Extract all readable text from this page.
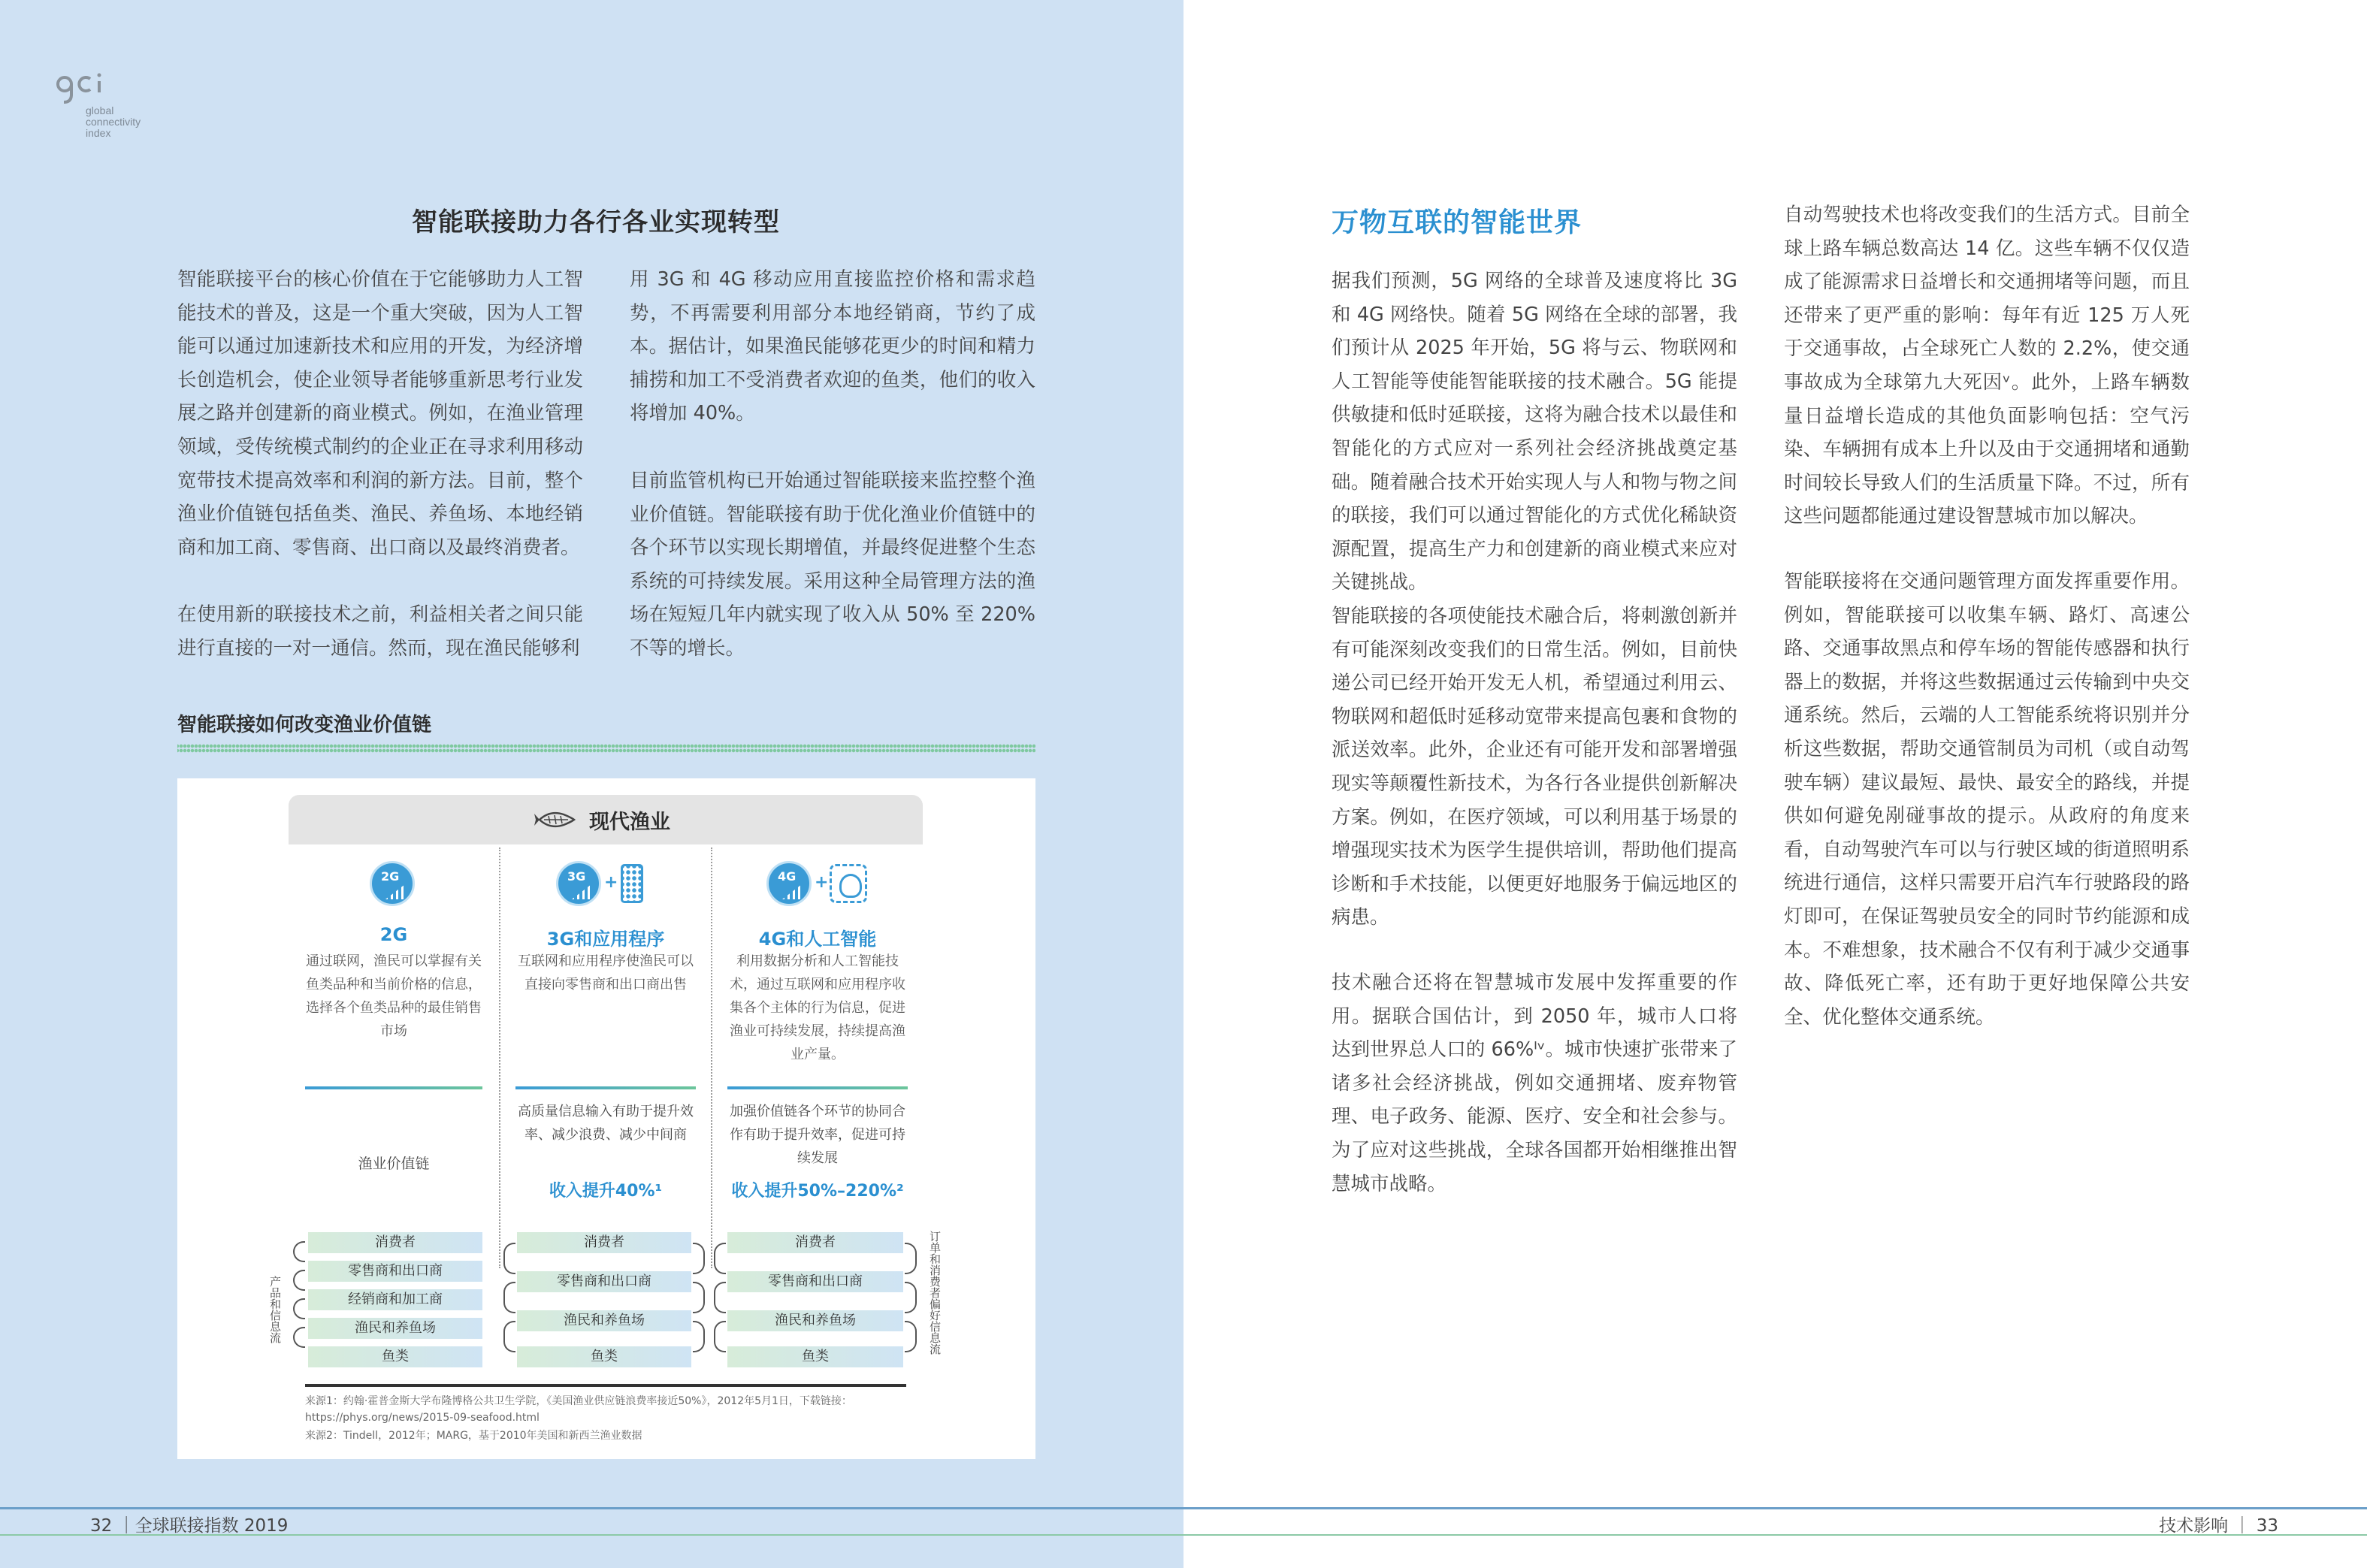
global
connectivity
index
智能联接助力各行各业实现转型

智能联接平台的核心价值在于它能够助力人工智能技术的普及，这是一个重大突破，因为人工智能可以通过加速新技术和应用的开发，为经济增长创造机会，使企业领导者能够重新思考行业发展之路并创建新的商业模式。例如，在渔业管理领域，受传统模式制约的企业正在寻求利用移动宽带技术提高效率和利润的新方法。目前，整个渔业价值链包括鱼类、渔民、养鱼场、本地经销商和加工商、零售商、出口商以及最终消费者。

在使用新的联接技术之前，利益相关者之间只能进行直接的一对一通信。然而，现在渔民能够利

用 3G 和 4G 移动应用直接监控价格和需求趋势，不再需要利用部分本地经销商，节约了成本。据估计，如果渔民能够花更少的时间和精力捕捞和加工不受消费者欢迎的鱼类，他们的收入将增加 40%。

目前监管机构已开始通过智能联接来监控整个渔业价值链。智能联接有助于优化渔业价值链中的各个环节以实现长期增值，并最终促进整个生态系统的可持续发展。采用这种全局管理方法的渔场在短短几年内就实现了收入从 50% 至 220% 不等的增长。

智能联接如何改变渔业价值链
现代渔业
2G
2G
通过联网，渔民可以掌握有关鱼类品种和当前价格的信息，选择各个鱼类品种的最佳销售市场
渔业价值链
3G +
3G和应用程序
互联网和应用程序使渔民可以直接向零售商和出口商出售
高质量信息输入有助于提升效率、减少浪费、减少中间商
收入提升40%¹
4G +
4G和人工智能
利用数据分析和人工智能技术，通过互联网和应用程序收集各个主体的行为信息，促进渔业可持续发展，持续提高渔业产量。
加强价值链各个环节的协同合作有助于提升效率，促进可持续发展
收入提升50%–220%²
产品和信息流
消费者
零售商和出口商
经销商和加工商
渔民和养鱼场
鱼类
消费者
零售商和出口商
渔民和养鱼场
鱼类
消费者
零售商和出口商
渔民和养鱼场
鱼类
订单和消费者偏好信息流
来源1：约翰·霍普金斯大学布隆博格公共卫生学院，《美国渔业供应链浪费率接近50%》，2012年5月1日，下载链接：
https://phys.org/news/2015-09-seafood.html
来源2：Tindell，2012年；MARG，基于2010年美国和新西兰渔业数据
万物互联的智能世界

据我们预测，5G 网络的全球普及速度将比 3G 和 4G 网络快。随着 5G 网络在全球的部署，我们预计从 2025 年开始，5G 将与云、物联网和人工智能等使能智能联接的技术融合。5G 能提供敏捷和低时延联接，这将为融合技术以最佳和智能化的方式应对一系列社会经济挑战奠定基础。随着融合技术开始实现人与人和物与物之间的联接，我们可以通过智能化的方式优化稀缺资源配置，提高生产力和创建新的商业模式来应对关键挑战。

智能联接的各项使能技术融合后，将刺激创新并有可能深刻改变我们的日常生活。例如，目前快递公司已经开始开发无人机，希望通过利用云、物联网和超低时延移动宽带来提高包裹和食物的派送效率。此外，企业还有可能开发和部署增强现实等颠覆性新技术，为各行各业提供创新解决方案。例如，在医疗领域，可以利用基于场景的增强现实技术为医学生提供培训，帮助他们提高诊断和手术技能，以便更好地服务于偏远地区的病患。

技术融合还将在智慧城市发展中发挥重要的作用。据联合国估计，到 2050 年，城市人口将达到世界总人口的 66%ᴵᵛ。城市快速扩张带来了诸多社会经济挑战，例如交通拥堵、废弃物管理、电子政务、能源、医疗、安全和社会参与。为了应对这些挑战，全球各国都开始相继推出智慧城市战略。

自动驾驶技术也将改变我们的生活方式。目前全球上路车辆总数高达 14 亿。这些车辆不仅仅造成了能源需求日益增长和交通拥堵等问题，而且还带来了更严重的影响：每年有近 125 万人死于交通事故，占全球死亡人数的 2.2%，使交通事故成为全球第九大死因ᵛ。此外，上路车辆数量日益增长造成的其他负面影响包括：空气污染、车辆拥有成本上升以及由于交通拥堵和通勤时间较长导致人们的生活质量下降。不过，所有这些问题都能通过建设智慧城市加以解决。

智能联接将在交通问题管理方面发挥重要作用。例如，智能联接可以收集车辆、路灯、高速公路、交通事故黑点和停车场的智能传感器和执行器上的数据，并将这些数据通过云传输到中央交通系统。然后，云端的人工智能系统将识别并分析这些数据，帮助交通管制员为司机（或自动驾驶车辆）建议最短、最快、最安全的路线，并提供如何避免剐碰事故的提示。从政府的角度来看，自动驾驶汽车可以与行驶区域的街道照明系统进行通信，这样只需要开启汽车行驶路段的路灯即可，在保证驾驶员安全的同时节约能源和成本。不难想象，技术融合不仅有利于减少交通事故、降低死亡率，还有助于更好地保障公共安全、优化整体交通系统。

32 ｜全球联接指数 2019	技术影响 ｜ 33
